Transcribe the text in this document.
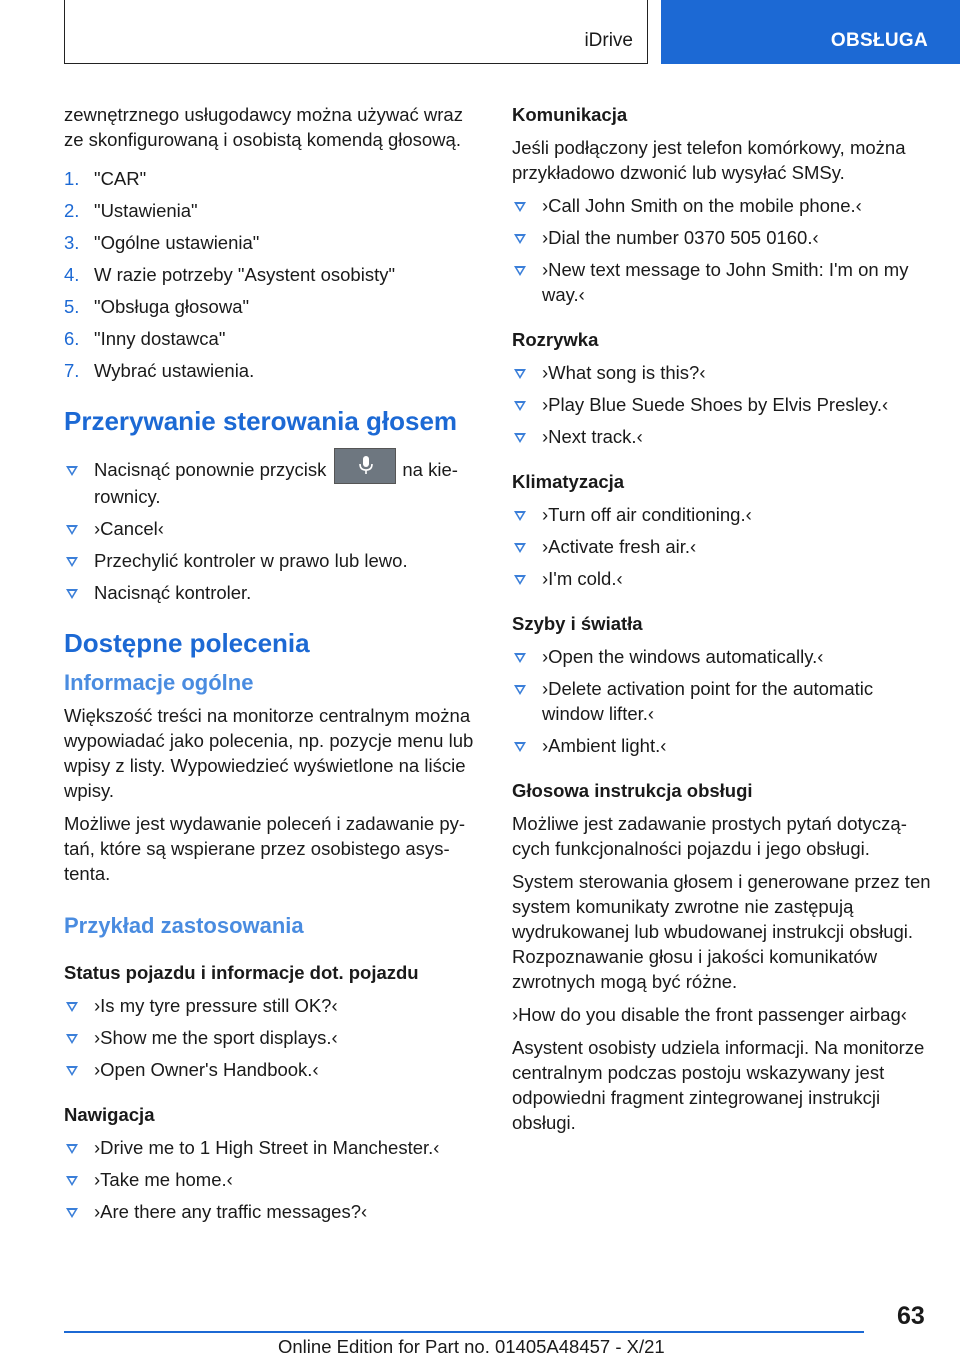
iDrive	OBSŁUGA

zewnętrznego usługodawcy można używać wraz ze skonfigurowaną i osobistą komendą głosową.

1. "CAR"
2. "Ustawienia"
3. "Ogólne ustawienia"
4. W razie potrzeby "Asystent osobisty"
5. "Obsługa głosowa"
6. "Inny dostawca"
7. Wybrać ustawienia.
Przerywanie sterowania głosem
Nacisnąć ponownie przycisk	na kierownicy.
›Cancel‹
Przechylić kontroler w prawo lub lewo.
Nacisnąć kontroler.
Dostępne polecenia
Informacje ogólne

Większość treści na monitorze centralnym można wypowiadać jako polecenia, np. pozycje menu lub wpisy z listy. Wypowiedzieć wyświetlone na liście wpisy.

Możliwe jest wydawanie poleceń i zadawanie pytań, które są wspierane przez osobistego asystenta.

Przykład zastosowania
Status pojazdu i informacje dot. pojazdu
›Is my tyre pressure still OK?‹
›Show me the sport displays.‹
›Open Owner's Handbook.‹
Nawigacja
›Drive me to 1 High Street in Manchester.‹
›Take me home.‹
›Are there any traffic messages?‹
Komunikacja

Jeśli podłączony jest telefon komórkowy, można przykładowo dzwonić lub wysyłać SMSy.

›Call John Smith on the mobile phone.‹
›Dial the number 0370 505 0160.‹
›New text message to John Smith: I'm on my way.‹
Rozrywka
›What song is this?‹
›Play Blue Suede Shoes by Elvis Presley.‹
›Next track.‹
Klimatyzacja
›Turn off air conditioning.‹
›Activate fresh air.‹
›I'm cold.‹
Szyby i światła
›Open the windows automatically.‹
›Delete activation point for the automatic window lifter.‹
›Ambient light.‹
Głosowa instrukcja obsługi

Możliwe jest zadawanie prostych pytań dotyczących funkcjonalności pojazdu i jego obsługi.

System sterowania głosem i generowane przez ten system komunikaty zwrotne nie zastępują wydrukowanej lub wbudowanej instrukcji obsługi. Rozpoznawanie głosu i jakości komunikatów zwrotnych mogą być różne.

›How do you disable the front passenger airbag‹

Asystent osobisty udziela informacji. Na monitorze centralnym podczas postoju wskazywany jest odpowiedni fragment zintegrowanej instrukcji obsługi.

63
Online Edition for Part no. 01405A48457 - X/21
